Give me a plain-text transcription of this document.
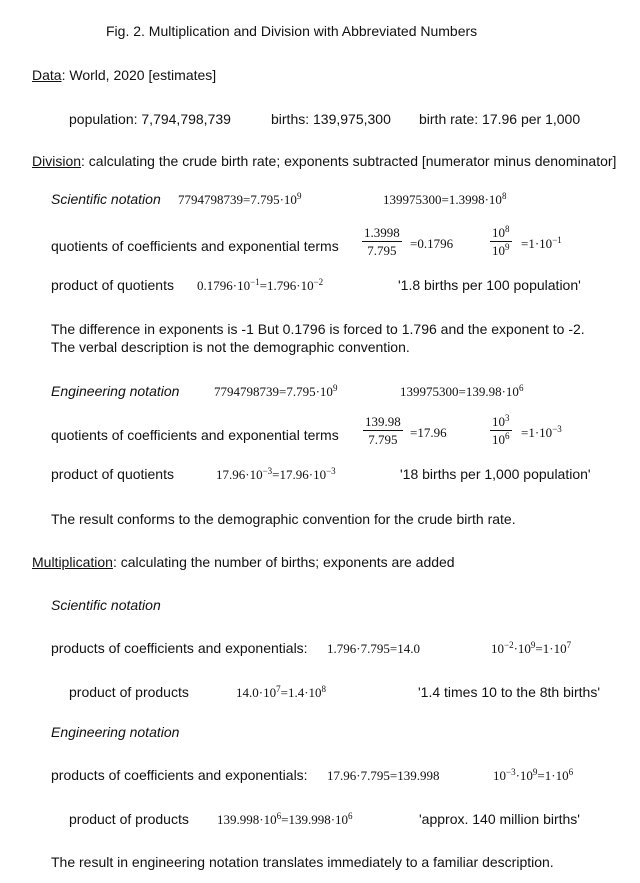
Fig. 2. Multiplication and Division with Abbreviated Numbers
Data: World, 2020 [estimates]
population: 7,794,798,739	births: 139,975,300 birth rate: 17.96 per 1,000
Division: calculating the crude birth rate; exponents subtracted [numerator minus denominator]
Scientific notation $7794798739=7.795\cdot 10^9$	$139975300=1.3998\cdot 10^8$
quotients of coefficients and exponential terms $\frac{1.3998}{7.795} =0.1796$	$\frac{10^8}{10^9} =1\cdot 10^{-1}$
product of quotients $0.1796\cdot 10^{-1}=1.796\cdot 10^{-2}$	'1.8 births per 100 population'
The difference in exponents is -1 But 0.1796 is forced to 1.796 and the exponent to -2.
The verbal description is not the demographic convention.
Engineering notation	$7794798739=7.795\cdot 10^9$	$139975300=139.98\cdot 10^6$
quotients of coefficients and exponential terms $\frac{139.98}{7.795} =17.96$	$\frac{10^3}{10^6} =1\cdot 10^{-3}$
product of quotients	$17.96\cdot 10^{-3}=17.96\cdot 10^{-3}$	'18 births per 1,000 population'
The result conforms to the demographic convention for the crude birth rate.
Multiplication: calculating the number of births; exponents are added
Scientific notation
products of coefficients and exponentials: 1.796·7.795=14.0	$10^{-2}\cdot 10^9=1\cdot 10^7$
product of products	$14.0\cdot 10^7=1.4\cdot 10^8$	'1.4 times 10 to the 8th births'
Engineering notation
products of coefficients and exponentials: 17.96·7.795=139.998	$10^{-3}\cdot 10^9=1\cdot 10^6$
product of products $139.998\cdot 10^6=139.998\cdot 10^6$	'approx. 140 million births'
The result in engineering notation translates immediately to a familiar description.
